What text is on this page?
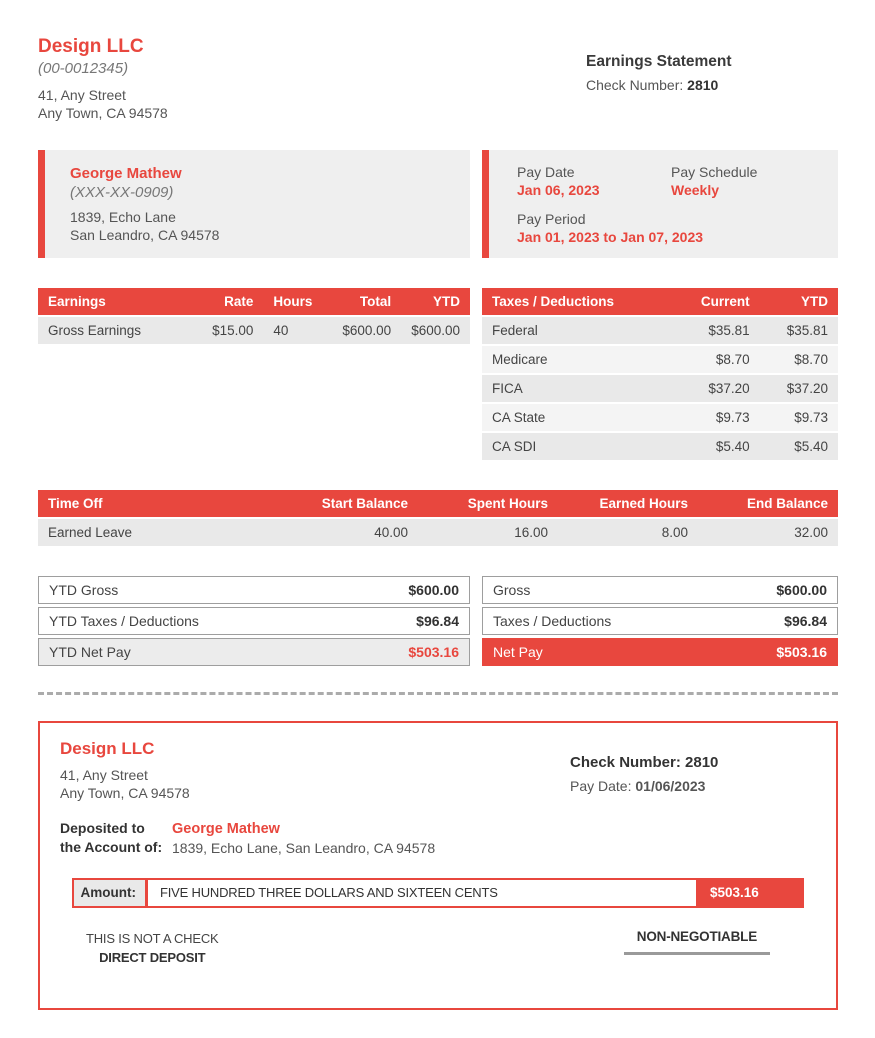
Design LLC
(00-0012345)
41, Any Street
Any Town, CA 94578
Earnings Statement
Check Number: 2810
George Mathew
(XXX-XX-0909)
1839, Echo Lane
San Leandro, CA 94578
Pay Date
Jan 06, 2023
Pay Schedule
Weekly
Pay Period
Jan 01, 2023 to Jan 07, 2023
Earnings	Rate	Hours	Total	YTD
Gross Earnings	$15.00	40	$600.00	$600.00
Taxes / Deductions	Current	YTD
Federal	$35.81	$35.81
Medicare	$8.70	$8.70
FICA	$37.20	$37.20
CA State	$9.73	$9.73
CA SDI	$5.40	$5.40
Time Off	Start Balance	Spent Hours	Earned Hours	End Balance
Earned Leave	40.00	16.00	8.00	32.00
YTD Gross	$600.00
YTD Taxes / Deductions	$96.84
YTD Net Pay	$503.16
Gross	$600.00
Taxes / Deductions	$96.84
Net Pay	$503.16
Design LLC
41, Any Street
Any Town, CA 94578
Check Number: 2810
Pay Date: 01/06/2023
Deposited to
the Account of:
George Mathew
1839, Echo Lane, San Leandro, CA 94578
Amount:	FIVE HUNDRED THREE DOLLARS AND SIXTEEN CENTS	$503.16
THIS IS NOT A CHECK
DIRECT DEPOSIT
NON-NEGOTIABLE
